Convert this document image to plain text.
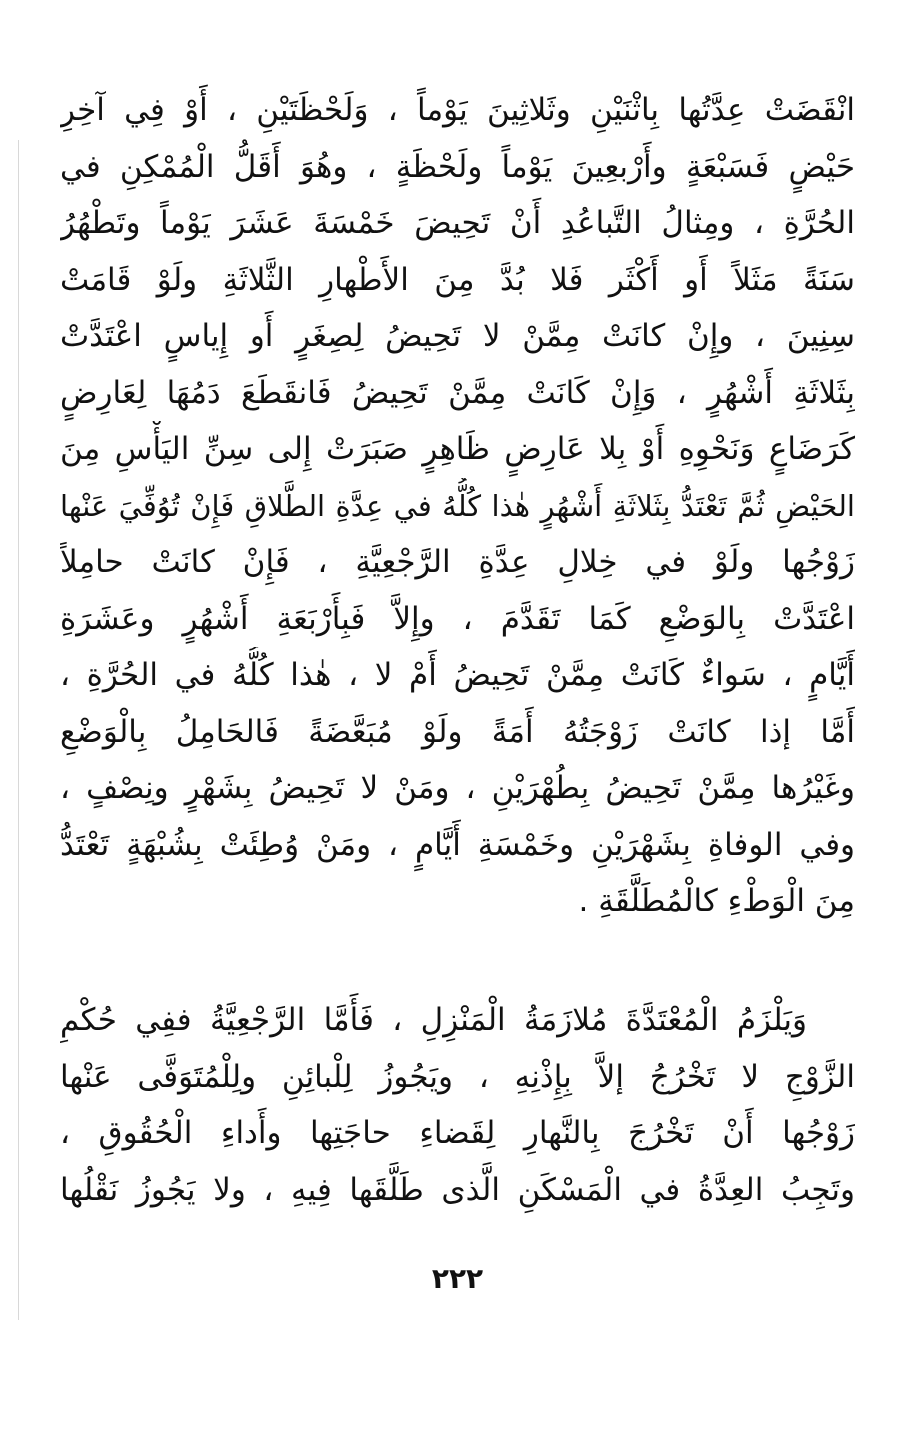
انْقَضَتْ عِدَّتُها بِاثْنَيْنِ وثَلاثِينَ يَوْماً ، وَلَحْظَتَيْنِ ، أَوْ فِي آخِرِ
حَيْضٍ فَسَبْعَةٍ وأَرْبعِينَ يَوْماً ولَحْظَةٍ ، وهُوَ أَقَلُّ الْمُمْكِنِ في
الحُرَّةِ ، ومِثالُ التَّباعُدِ أَنْ تَحِيضَ خَمْسَةَ عَشَرَ يَوْماً وتَطْهُرُ
سَنَةً مَثَلاً أَو أَكْثَر فَلا بُدَّ مِنَ الأَطْهارِ الثَّلاثَةِ ولَوْ قَامَتْ
سِنِينَ ، وإِنْ كانَتْ مِمَّنْ لا تَحِيضُ لِصِغَرٍ أَو إِياسٍ اعْتَدَّتْ
بِثَلاثَةِ أَشْهُرٍ ، وَإِنْ كَانَتْ مِمَّنْ تَحِيضُ فَانقَطَعَ دَمُهَا لِعَارِضٍ
كَرَضَاعٍ وَنَحْوِهِ أَوْ بِلا عَارِضٍ ظَاهِرٍ صَبَرَتْ إِلى سِنِّ اليَأْسِ مِنَ
الحَيْضِ ثُمَّ تَعْتَدُّ بِثَلاثَةِ أَشْهُرٍ هٰذا كُلُّهُ في عِدَّةِ الطَّلاقِ فَإِنْ تُوُفِّيَ عَنْها
زَوْجُها ولَوْ في خِلالِ عِدَّةِ الرَّجْعِيَّةِ ، فَإِنْ كانَتْ حامِلاً
اعْتَدَّتْ بِالوَضْعِ كَمَا تَقَدَّمَ ، وإِلاَّ فَبِأَرْبَعَةِ أَشْهُرٍ وعَشَرَةِ
أَيَّامٍ ، سَواءٌ كَانَتْ مِمَّنْ تَحِيضُ أَمْ لا ، هٰذا كُلُّهُ في الحُرَّةِ ،
أَمَّا إذا كانَتْ زَوْجَتُهُ أَمَةً ولَوْ مُبَعَّضَةً فَالحَامِلُ بِالْوَضْعِ
وغَيْرُها مِمَّنْ تَحِيضُ بِطُهْرَيْنِ ، ومَنْ لا تَحِيضُ بِشَهْرٍ ونِصْفٍ ،
وفي الوفاةِ بِشَهْرَيْنِ وخَمْسَةِ أَيَّامٍ ، ومَنْ وُطِئَتْ بِشُبْهَةٍ تَعْتَدُّ
مِنَ الْوَطْءِ كالْمُطَلَّقَةِ .
وَيَلْزَمُ الْمُعْتَدَّةَ مُلازَمَةُ الْمَنْزِلِ ، فَأَمَّا الرَّجْعِيَّةُ ففِي حُكْمِ
الزَّوْجِ لا تَخْرُجُ إلاَّ بِإِذْنِهِ ، ويَجُوزُ لِلْبائِنِ ولِلْمُتَوَفَّى عَنْها
زَوْجُها أَنْ تَخْرُجَ بِالنَّهارِ لِقَضاءِ حاجَتِها وأَداءِ الْحُقُوقِ ،
وتَجِبُ العِدَّةُ في الْمَسْكَنِ الَّذى طَلَّقَها فِيهِ ، ولا يَجُوزُ نَقْلُها
٢٢٢
